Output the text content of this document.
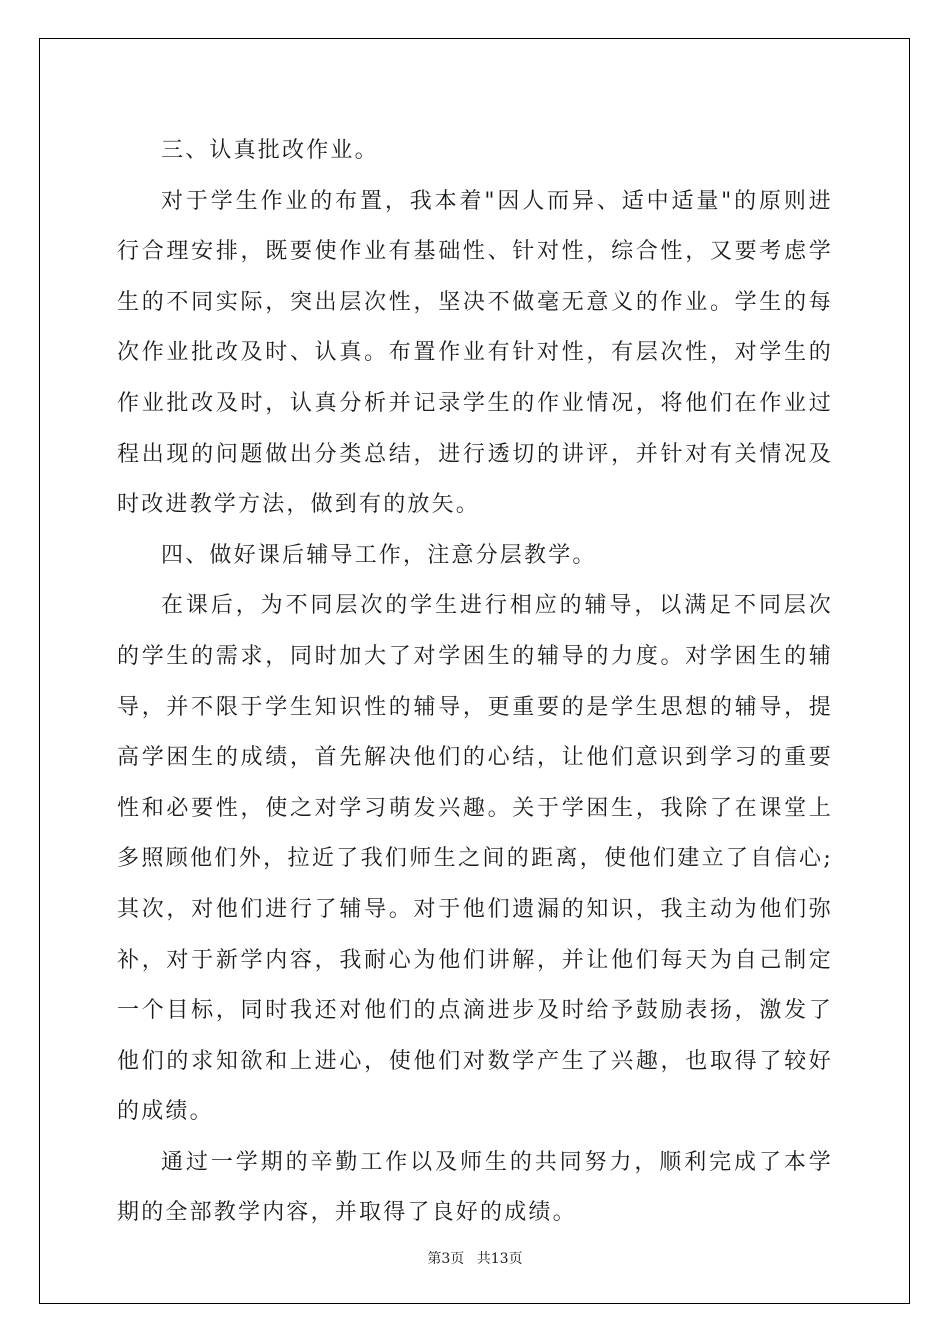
三、认真批改作业。

对于学生作业的布置，我本着"因人而异、适中适量"的原则进行合理安排，既要使作业有基础性、针对性，综合性，又要考虑学生的不同实际，突出层次性，坚决不做毫无意义的作业。学生的每次作业批改及时、认真。布置作业有针对性，有层次性，对学生的作业批改及时，认真分析并记录学生的作业情况，将他们在作业过程出现的问题做出分类总结，进行透切的讲评，并针对有关情况及时改进教学方法，做到有的放矢。

四、做好课后辅导工作，注意分层教学。

在课后，为不同层次的学生进行相应的辅导，以满足不同层次的学生的需求，同时加大了对学困生的辅导的力度。对学困生的辅导，并不限于学生知识性的辅导，更重要的是学生思想的辅导，提高学困生的成绩，首先解决他们的心结，让他们意识到学习的重要性和必要性，使之对学习萌发兴趣。关于学困生，我除了在课堂上多照顾他们外，拉近了我们师生之间的距离，使他们建立了自信心;其次，对他们进行了辅导。对于他们遗漏的知识，我主动为他们弥补，对于新学内容，我耐心为他们讲解，并让他们每天为自己制定一个目标，同时我还对他们的点滴进步及时给予鼓励表扬，激发了他们的求知欲和上进心，使他们对数学产生了兴趣，也取得了较好的成绩。

通过一学期的辛勤工作以及师生的共同努力，顺利完成了本学期的全部教学内容，并取得了良好的成绩。

第3页 共13页
